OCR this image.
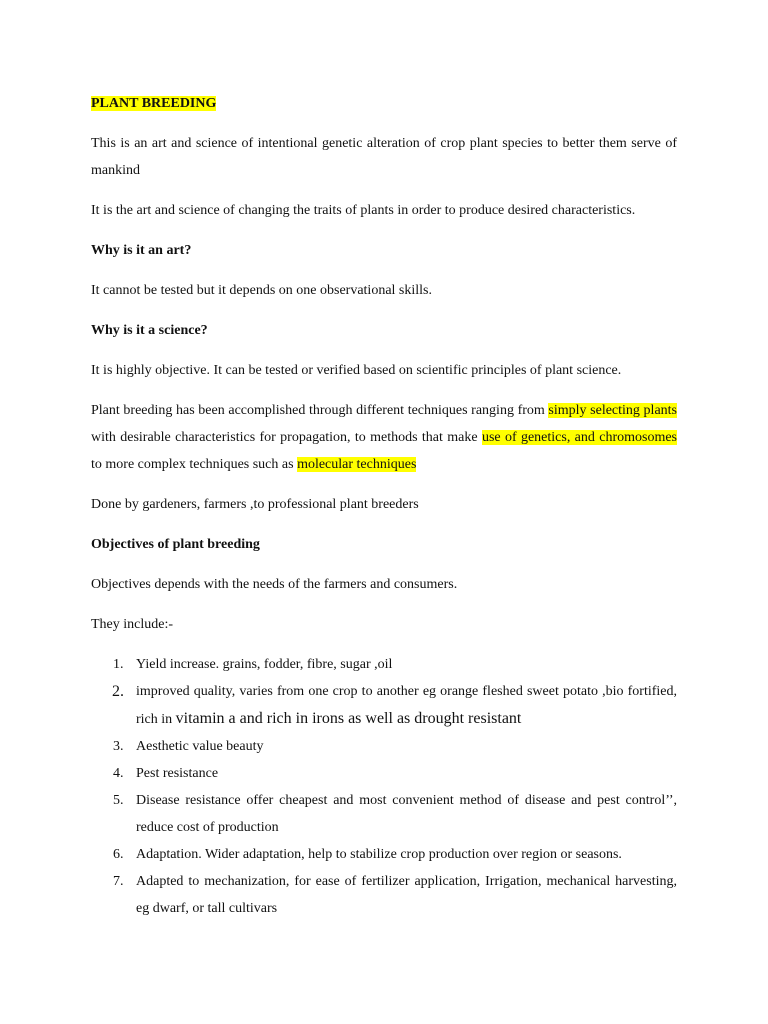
PLANT BREEDING

This is an art and science of intentional genetic alteration of crop plant species to better them serve of mankind

It is the art and science of changing the traits of plants in order to produce desired characteristics.

Why is it an art?

It cannot be tested but it depends on one observational skills.

Why is it a science?

It is highly objective. It can be tested or verified based on scientific principles of plant science.

Plant breeding has been accomplished through different techniques ranging from simply selecting plants with desirable characteristics for propagation, to methods that make use of genetics, and chromosomes to more complex techniques such as molecular techniques

Done by gardeners, farmers ,to professional plant breeders

Objectives of plant breeding

Objectives depends with the needs of the farmers and consumers.

They include:-

1. Yield increase. grains, fodder, fibre, sugar ,oil
2. improved quality, varies from one crop to another eg orange fleshed sweet potato ,bio fortified, rich in vitamin a and rich in irons as well as drought resistant
3. Aesthetic value beauty
4. Pest resistance
5. Disease resistance offer cheapest and most convenient method of disease and pest control’’, reduce cost of production
6. Adaptation. Wider adaptation, help to stabilize crop production over region or seasons.
7. Adapted to mechanization, for ease of fertilizer application, Irrigation, mechanical harvesting, eg dwarf, or tall cultivars
